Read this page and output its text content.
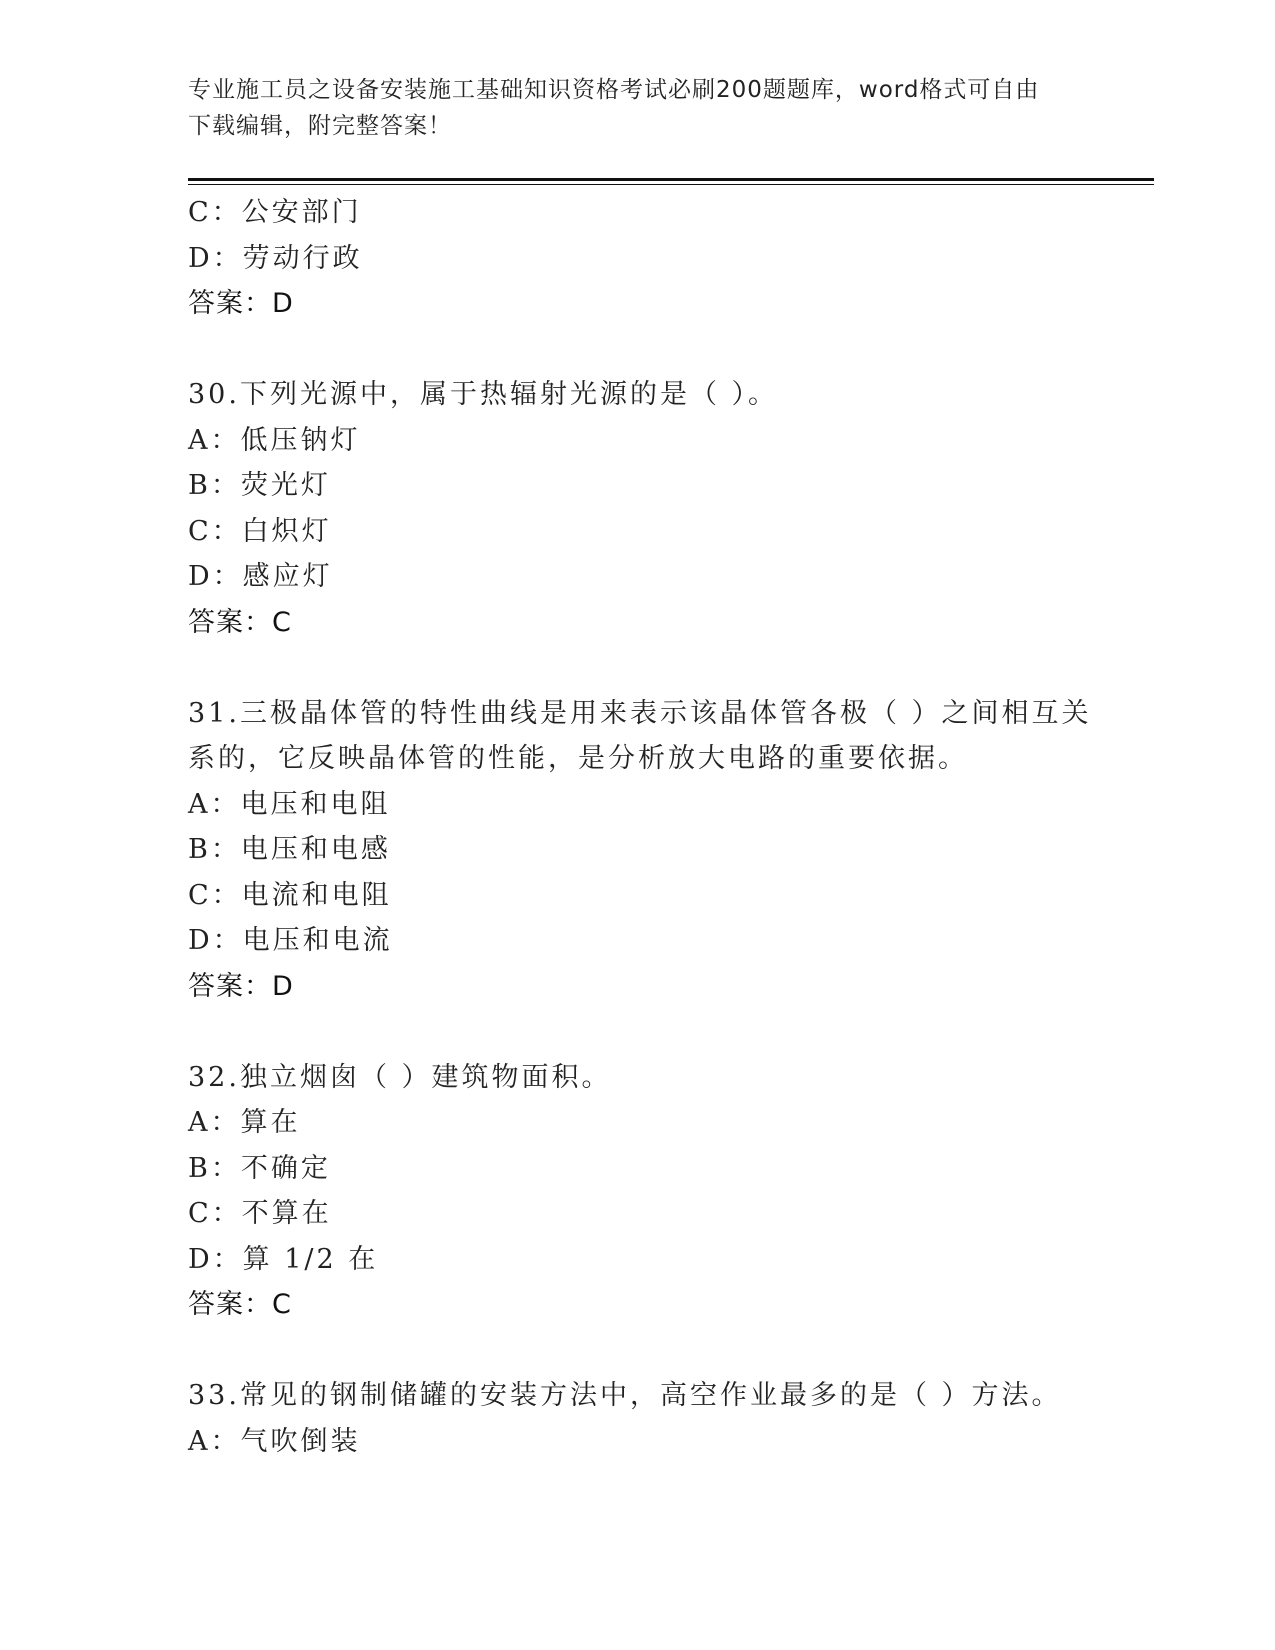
专业施工员之设备安装施工基础知识资格考试必刷200题题库，word格式可自由
下载编辑，附完整答案！
C：公安部门
D：劳动行政
答案：D
30.下列光源中，属于热辐射光源的是（ ）。
A：低压钠灯
B：荧光灯
C：白炽灯
D：感应灯
答案：C
31.三极晶体管的特性曲线是用来表示该晶体管各极（ ）之间相互关
系的，它反映晶体管的性能，是分析放大电路的重要依据。
A：电压和电阻
B：电压和电感
C：电流和电阻
D：电压和电流
答案：D
32.独立烟囱（ ）建筑物面积。
A：算在
B：不确定
C：不算在
D：算 1/2 在
答案：C
33.常见的钢制储罐的安装方法中，高空作业最多的是（ ）方法。
A：气吹倒装
